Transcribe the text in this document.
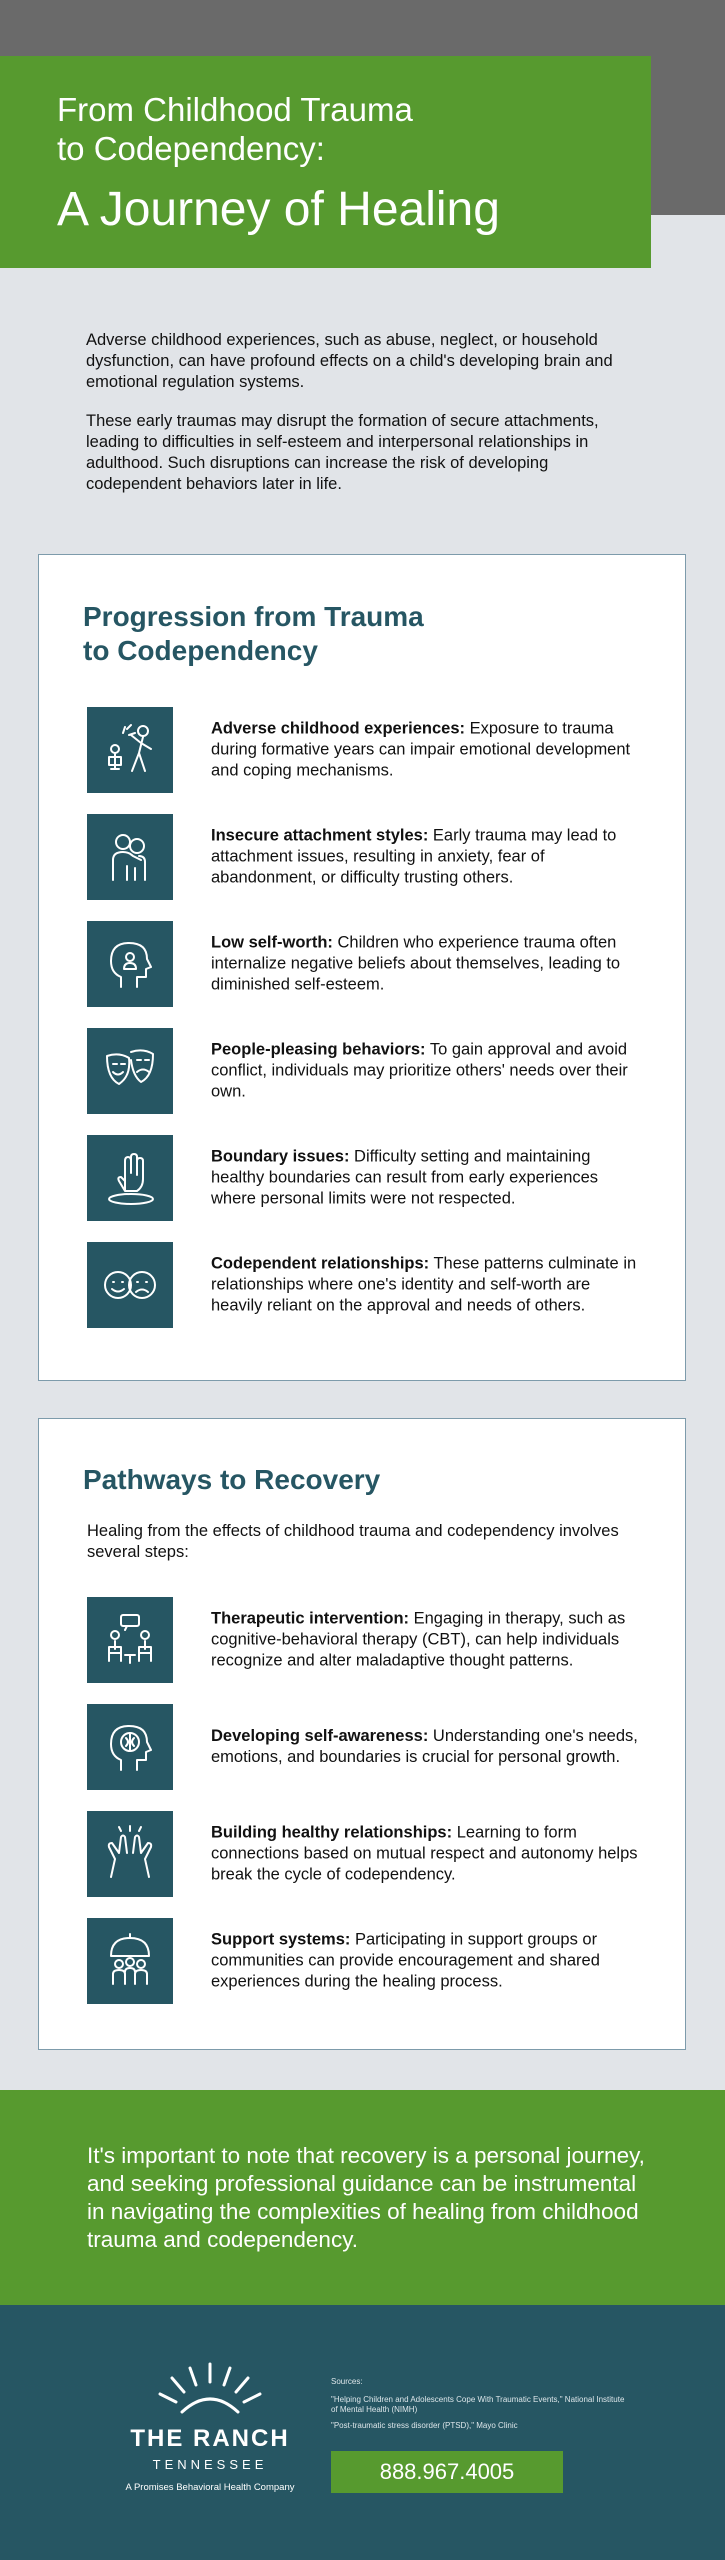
From Childhood Trauma
to Codependency:
A Journey of Healing

Adverse childhood experiences, such as abuse, neglect, or household dysfunction, can have profound effects on a child's developing brain and emotional regulation systems.

These early traumas may disrupt the formation of secure attachments, leading to difficulties in self-esteem and interpersonal relationships in adulthood. Such disruptions can increase the risk of developing codependent behaviors later in life.

Progression from Trauma
to Codependency
Adverse childhood experiences: Exposure to trauma during formative years can impair emotional development and coping mechanisms.
Insecure attachment styles: Early trauma may lead to attachment issues, resulting in anxiety, fear of abandonment, or difficulty trusting others.
Low self-worth: Children who experience trauma often internalize negative beliefs about themselves, leading to diminished self-esteem.
People-pleasing behaviors: To gain approval and avoid conflict, individuals may prioritize others' needs over their own.
Boundary issues: Difficulty setting and maintaining healthy boundaries can result from early experiences where personal limits were not respected.
Codependent relationships: These patterns culminate in relationships where one's identity and self-worth are heavily reliant on the approval and needs of others.
Pathways to Recovery
Healing from the effects of childhood trauma and codependency involves several steps:
Therapeutic intervention: Engaging in therapy, such as cognitive-behavioral therapy (CBT), can help individuals recognize and alter maladaptive thought patterns.
Developing self-awareness: Understanding one's needs, emotions, and boundaries is crucial for personal growth.
Building healthy relationships: Learning to form connections based on mutual respect and autonomy helps break the cycle of codependency.
Support systems: Participating in support groups or communities can provide encouragement and shared experiences during the healing process.
It's important to note that recovery is a personal journey, and seeking professional guidance can be instrumental in navigating the complexities of healing from childhood trauma and codependency.
THE RANCH
TENNESSEE
A Promises Behavioral Health Company
Sources:
"Helping Children and Adolescents Cope With Traumatic Events," National Institute of Mental Health (NIMH)
"Post-traumatic stress disorder (PTSD)," Mayo Clinic
888.967.4005
